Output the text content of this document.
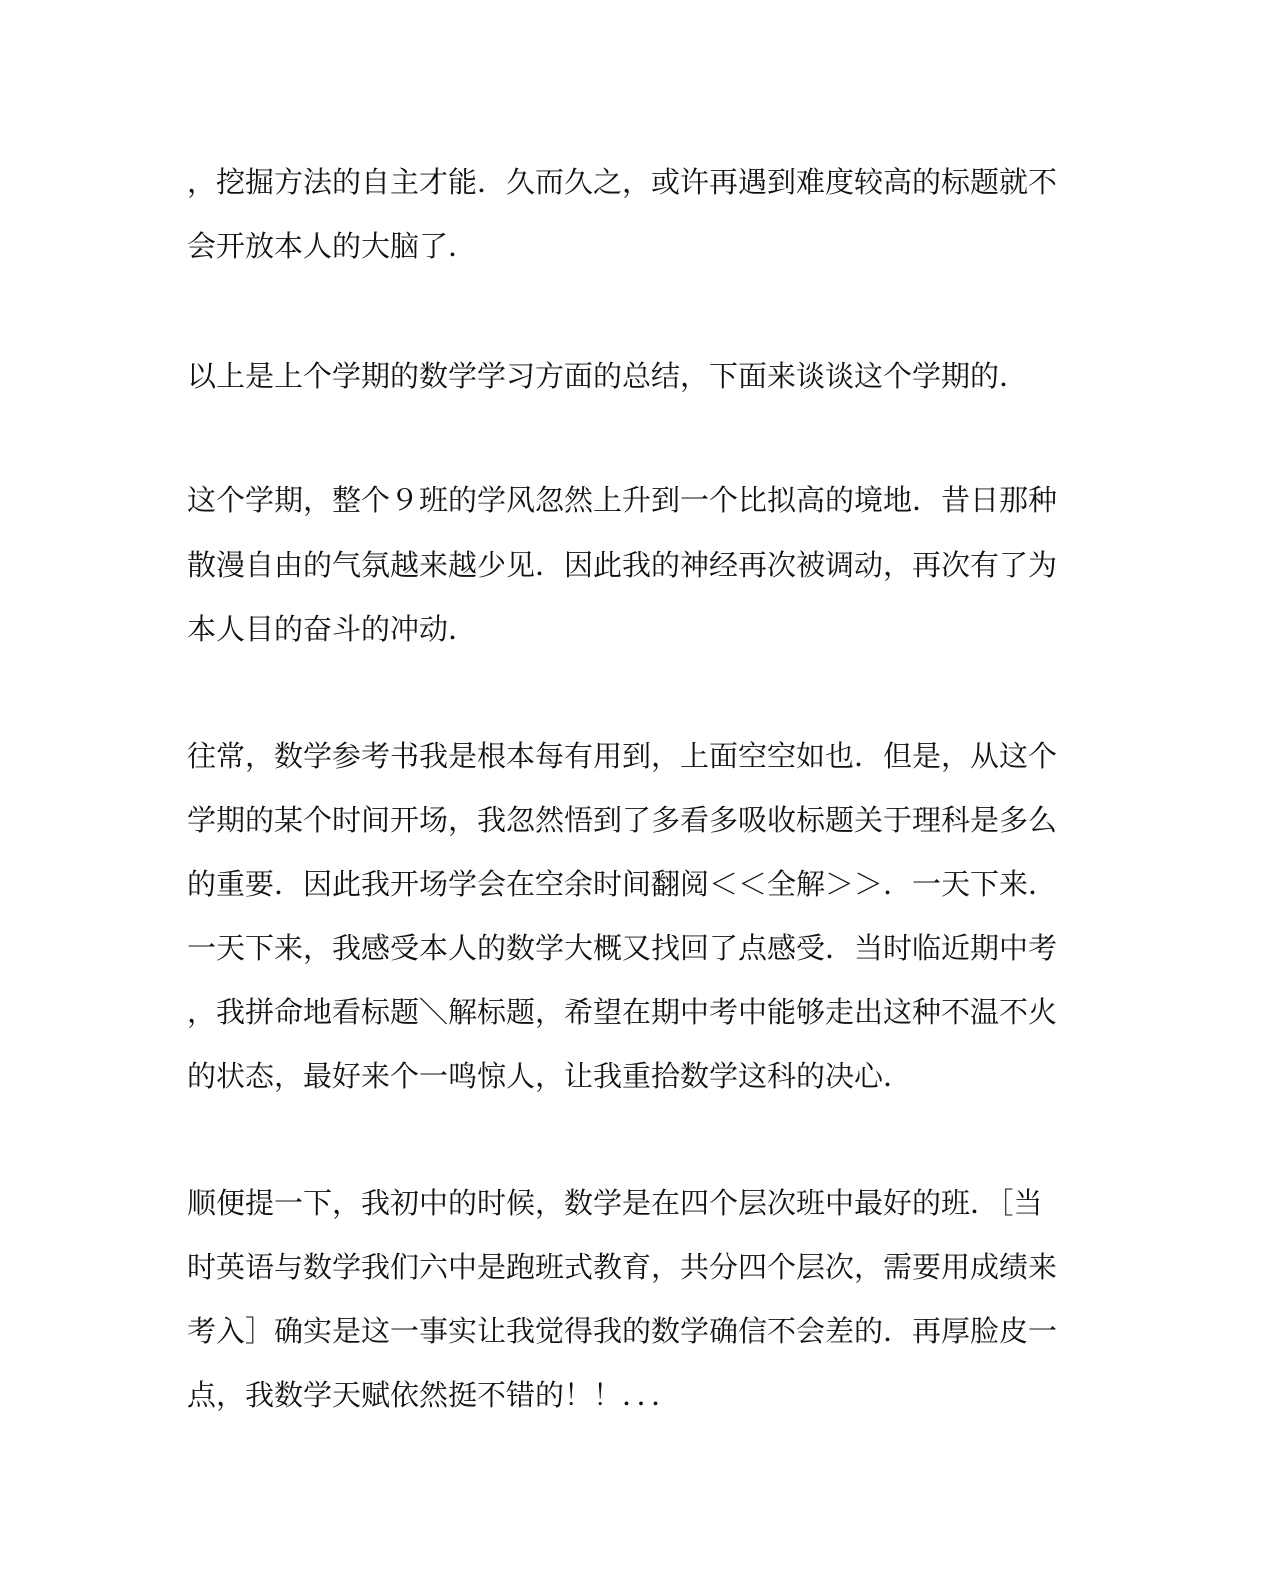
，挖掘方法的自主才能．久而久之，或许再遇到难度较高的标题就不
会开放本人的大脑了．
以上是上个学期的数学学习方面的总结，下面来谈谈这个学期的．
这个学期，整个９班的学风忽然上升到一个比拟高的境地．昔日那种
散漫自由的气氛越来越少见．因此我的神经再次被调动，再次有了为
本人目的奋斗的冲动．
往常，数学参考书我是根本每有用到，上面空空如也．但是，从这个
学期的某个时间开场，我忽然悟到了多看多吸收标题关于理科是多么
的重要．因此我开场学会在空余时间翻阅＜＜全解＞＞．一天下来．
一天下来，我感受本人的数学大概又找回了点感受．当时临近期中考
，我拼命地看标题＼解标题，希望在期中考中能够走出这种不温不火
的状态，最好来个一鸣惊人，让我重拾数学这科的决心．
顺便提一下，我初中的时候，数学是在四个层次班中最好的班．［当
时英语与数学我们六中是跑班式教育，共分四个层次，需要用成绩来
考入］确实是这一事实让我觉得我的数学确信不会差的．再厚脸皮一
点，我数学天赋依然挺不错的！！．．．
